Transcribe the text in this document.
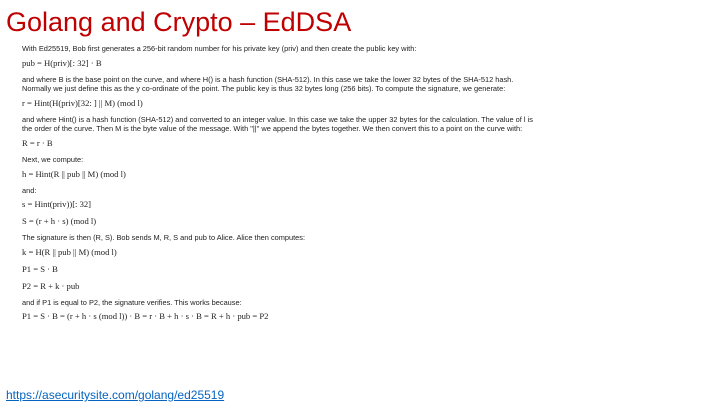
Golang and Crypto – EdDSA

With Ed25519, Bob first generates a 256-bit random number for his private key (priv) and then create the public key with:

pub = H(priv)[: 32] · B

and where B is the base point on the curve, and where H() is a hash function (SHA-512). In this case we take the lower 32 bytes of the SHA-512 hash. Normally we just define this as the y co-ordinate of the point. The public key is thus 32 bytes long (256 bits). To compute the signature, we generate:

r = Hint(H(priv)[32: ] || M) (mod l)

and where Hint() is a hash function (SHA-512) and converted to an integer value. In this case we take the upper 32 bytes for the calculation. The value of l is the order of the curve. Then M is the byte value of the message. With "||" we append the bytes together. We then convert this to a point on the curve with:

R = r · B

Next, we compute:

h = Hint(R || pub || M) (mod l)

and:

s = Hint(priv))[: 32]
S = (r + h · s) (mod l)

The signature is then (R, S). Bob sends M, R, S and pub to Alice. Alice then computes:

k = H(R || pub || M) (mod l)
P1 = S · B
P2 = R + k · pub

and if P1 is equal to P2, the signature verifies. This works because:

P1 = S · B = (r + h · s (mod l)) · B = r · B + h · s · B = R + h · pub = P2
https://asecuritysite.com/golang/ed25519
